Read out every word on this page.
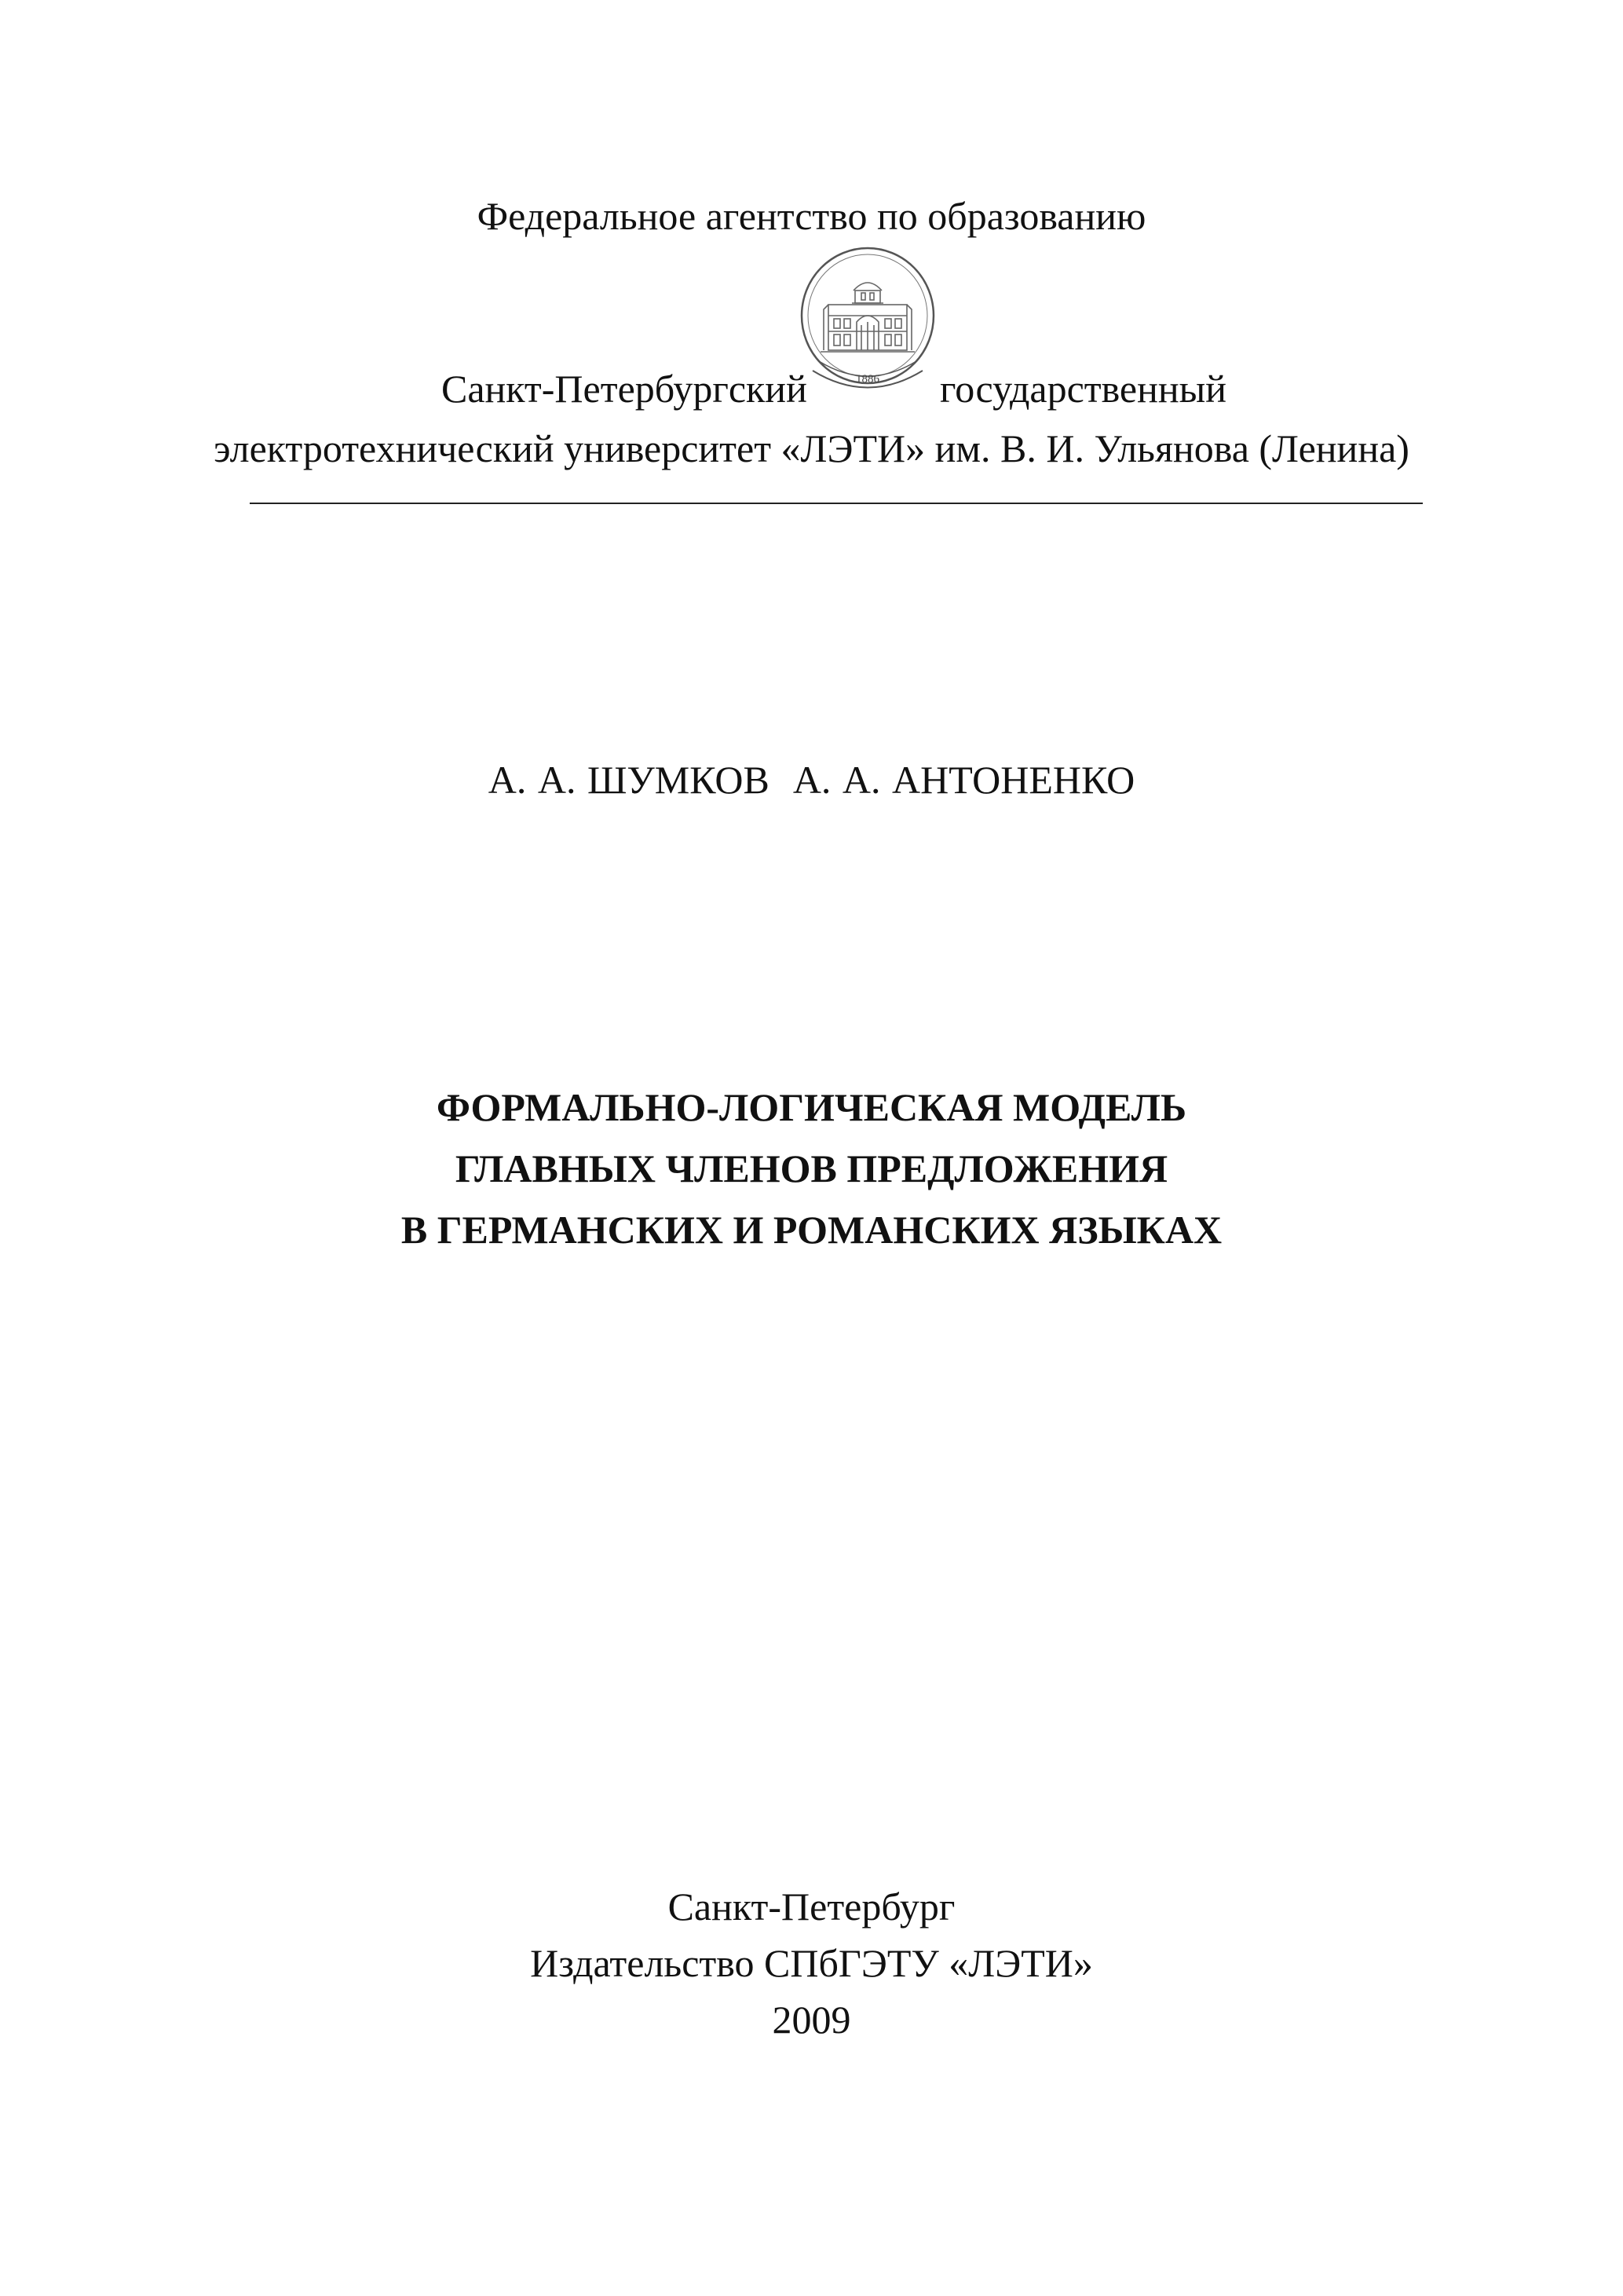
Федеральное агентство по образованию
1886
Санкт-Петербургский	государственный
электротехнический университет «ЛЭТИ» им. В. И. Ульянова (Ленина)
А. А. ШУМКОВ А. А. АНТОНЕНКО
ФОРМАЛЬНО-ЛОГИЧЕСКАЯ МОДЕЛЬ
ГЛАВНЫХ ЧЛЕНОВ ПРЕДЛОЖЕНИЯ
В ГЕРМАНСКИХ И РОМАНСКИХ ЯЗЫКАХ
Санкт-Петербург
Издательство СПбГЭТУ «ЛЭТИ»
2009
